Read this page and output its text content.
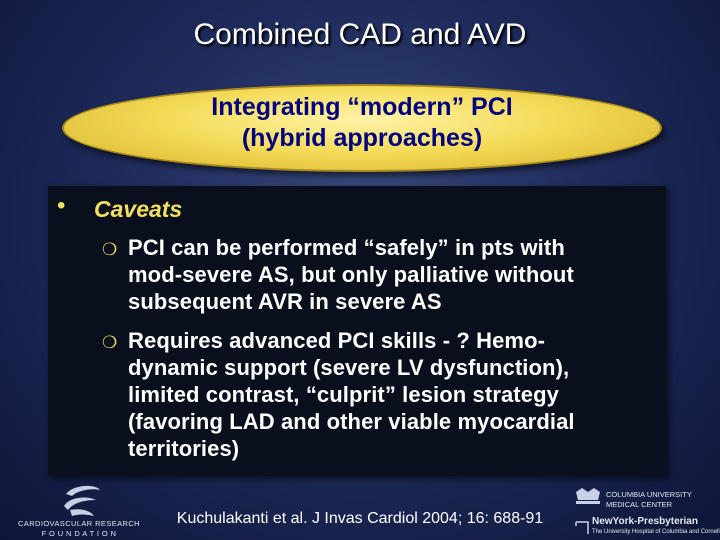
Combined CAD and AVD
Integrating “modern” PCI
(hybrid approaches)
• Caveats
❍ PCI can be performed “safely” in pts with
mod-severe AS, but only palliative without
subsequent AVR in severe AS
❍ Requires advanced PCI skills - ? Hemo-
dynamic support (severe LV dysfunction),
limited contrast, “culprit” lesion strategy
(favoring LAD and other viable myocardial
territories)
Kuchulakanti et al. J Invas Cardiol 2004; 16: 688-91
CARDIOVASCULAR RESEARCH
F O U N D A T I O N
COLUMBIA UNIVERSITY
MEDICAL CENTER
NewYork-Presbyterian
The University Hospital of Columbia and Cornell
